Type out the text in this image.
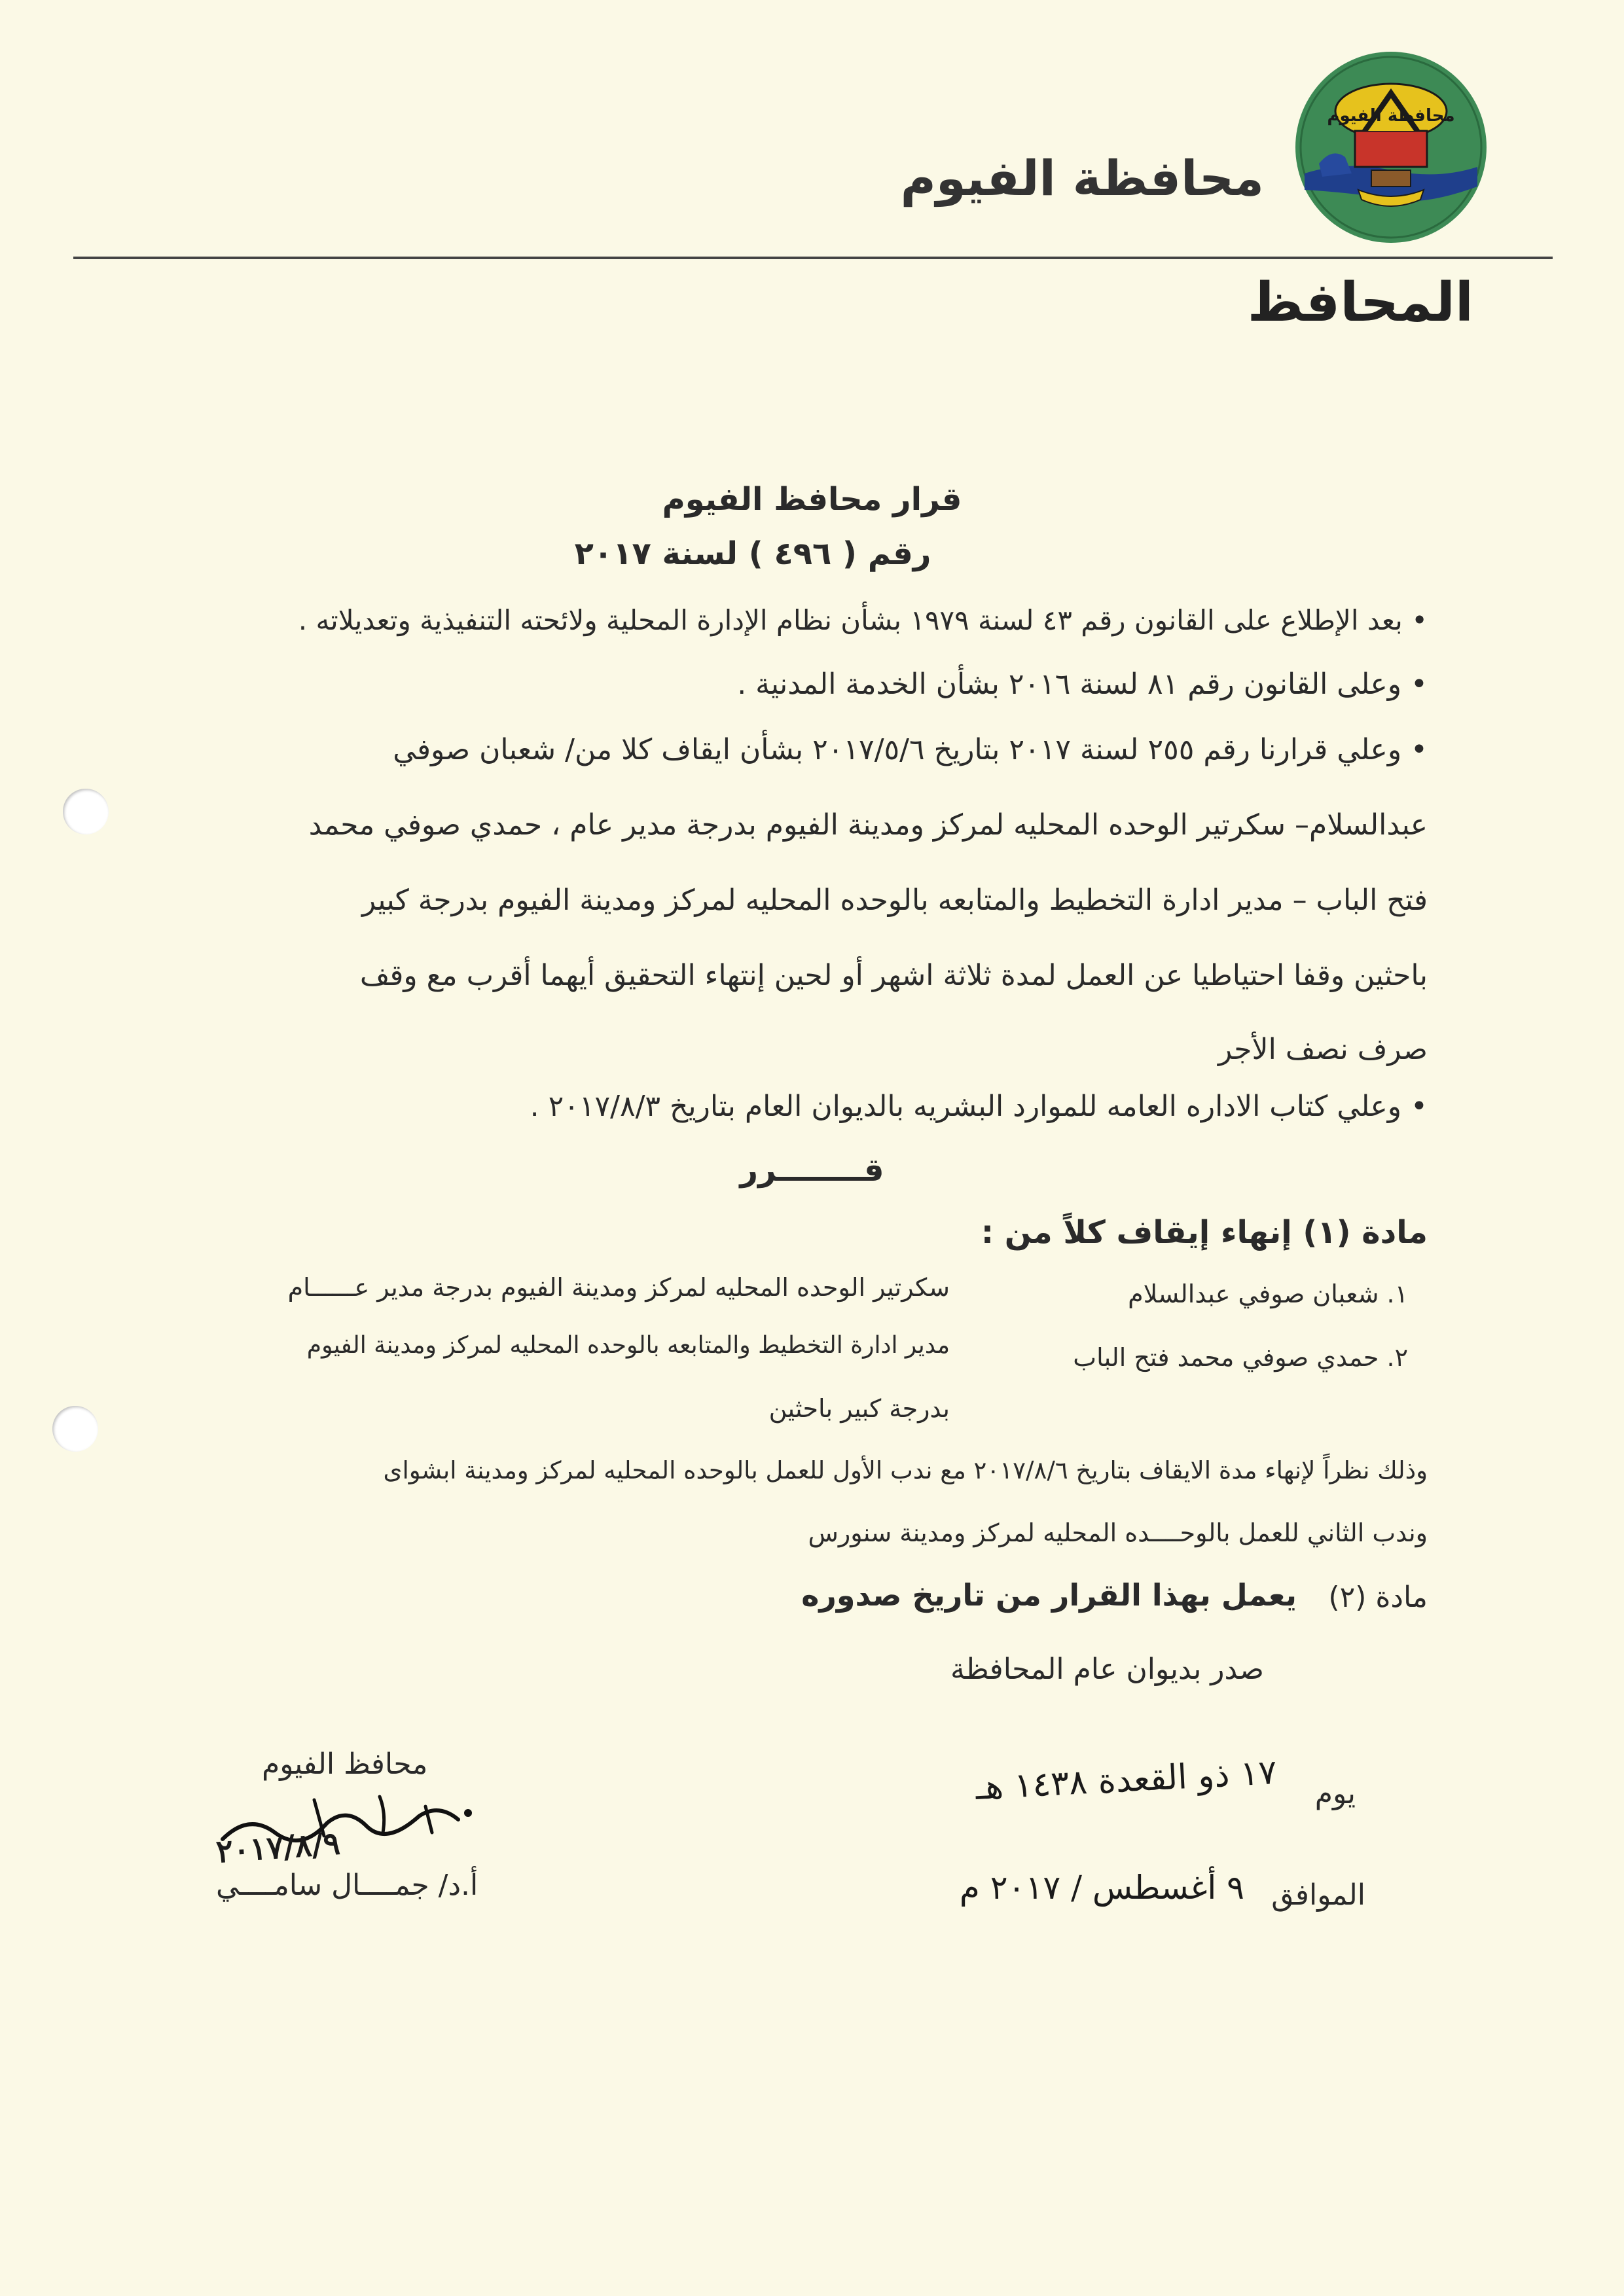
محافظة الفيوم
محافظة الفيوم
المحافظ
قرار محافظ الفيوم
رقم ( ٤٩٦ ) لسنة ٢٠١٧
• بعد الإطلاع على القانون رقم ٤٣ لسنة ١٩٧٩ بشأن نظام الإدارة المحلية ولائحته التنفيذية وتعديلاته .
• وعلى القانون رقم ٨١ لسنة ٢٠١٦ بشأن الخدمة المدنية .
• وعلي قرارنا رقم ٢٥٥ لسنة ٢٠١٧ بتاريخ ٢٠١٧/٥/٦ بشأن ايقاف كلا من/ شعبان صوفي
عبدالسلام– سكرتير الوحده المحليه لمركز ومدينة الفيوم بدرجة مدير عام ، حمدي صوفي محمد
فتح الباب – مدير ادارة التخطيط والمتابعه بالوحده المحليه لمركز ومدينة الفيوم بدرجة كبير
باحثين وقفا احتياطيا عن العمل لمدة ثلاثة اشهر أو لحين إنتهاء التحقيق أيهما أقرب مع وقف
صرف نصف الأجر
• وعلي كتاب الاداره العامه للموارد البشريه بالديوان العام بتاريخ ٢٠١٧/٨/٣ .
قــــــــرر
مادة (١) إنهاء إيقاف كلاً من :
١. شعبان صوفي عبدالسلام
سكرتير الوحده المحليه لمركز ومدينة الفيوم بدرجة مدير عــــــام
٢. حمدي صوفي محمد فتح الباب
مدير ادارة التخطيط والمتابعه بالوحده المحليه لمركز ومدينة الفيوم
بدرجة كبير باحثين
وذلك نظراً لإنهاء مدة الايقاف بتاريخ ٢٠١٧/٨/٦ مع ندب الأول للعمل بالوحده المحليه لمركز ومدينة ابشواى
وندب الثاني للعمل بالوحــــده المحليه لمركز ومدينة سنورس
مادة (٢)
يعمل بهذا القرار من تاريخ صدوره
صدر بديوان عام المحافظة
يوم
١٧ ذو القعدة ١٤٣٨ هـ
الموافق
٩ أغسطس / ٢٠١٧ م
محافظ الفيوم
٢٠١٧/٨/٩
أ.د/ جمــــال سامــــي
